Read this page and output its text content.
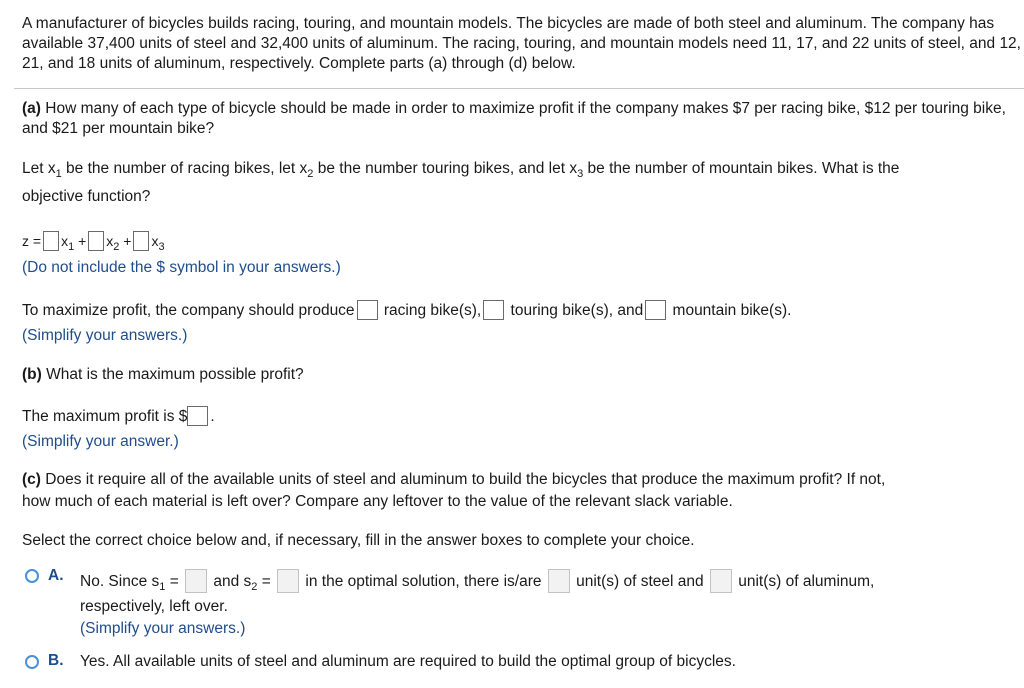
A manufacturer of bicycles builds racing, touring, and mountain models. The bicycles are made of both steel and aluminum. The company has available 37,400 units of steel and 32,400 units of aluminum. The racing, touring, and mountain models need 11, 17, and 22 units of steel, and 12, 21, and 18 units of aluminum, respectively. Complete parts (a) through (d) below.
(a) How many of each type of bicycle should be made in order to maximize profit if the company makes $7 per racing bike, $12 per touring bike, and $21 per mountain bike?
Let $x_1$ be the number of racing bikes, let $x_2$ be the number touring bikes, and let $x_3$ be the number of mountain bikes. What is the
objective function?
$z = x_1 + x_2 + x_3$
(Do not include the $ symbol in your answers.)
To maximize profit, the company should produce racing bike(s), touring bike(s), and mountain bike(s).
(Simplify your answers.)
(b) What is the maximum possible profit?
The maximum profit is $ .
(Simplify your answer.)
(c) Does it require all of the available units of steel and aluminum to build the bicycles that produce the maximum profit? If not,
how much of each material is left over? Compare any leftover to the value of the relevant slack variable.
Select the correct choice below and, if necessary, fill in the answer boxes to complete your choice.
A. No. Since $s_1$ = and $s_2$ = in the optimal solution, there is/are unit(s) of steel and unit(s) of aluminum,
respectively, left over.
(Simplify your answers.)
B. Yes. All available units of steel and aluminum are required to build the optimal group of bicycles.
